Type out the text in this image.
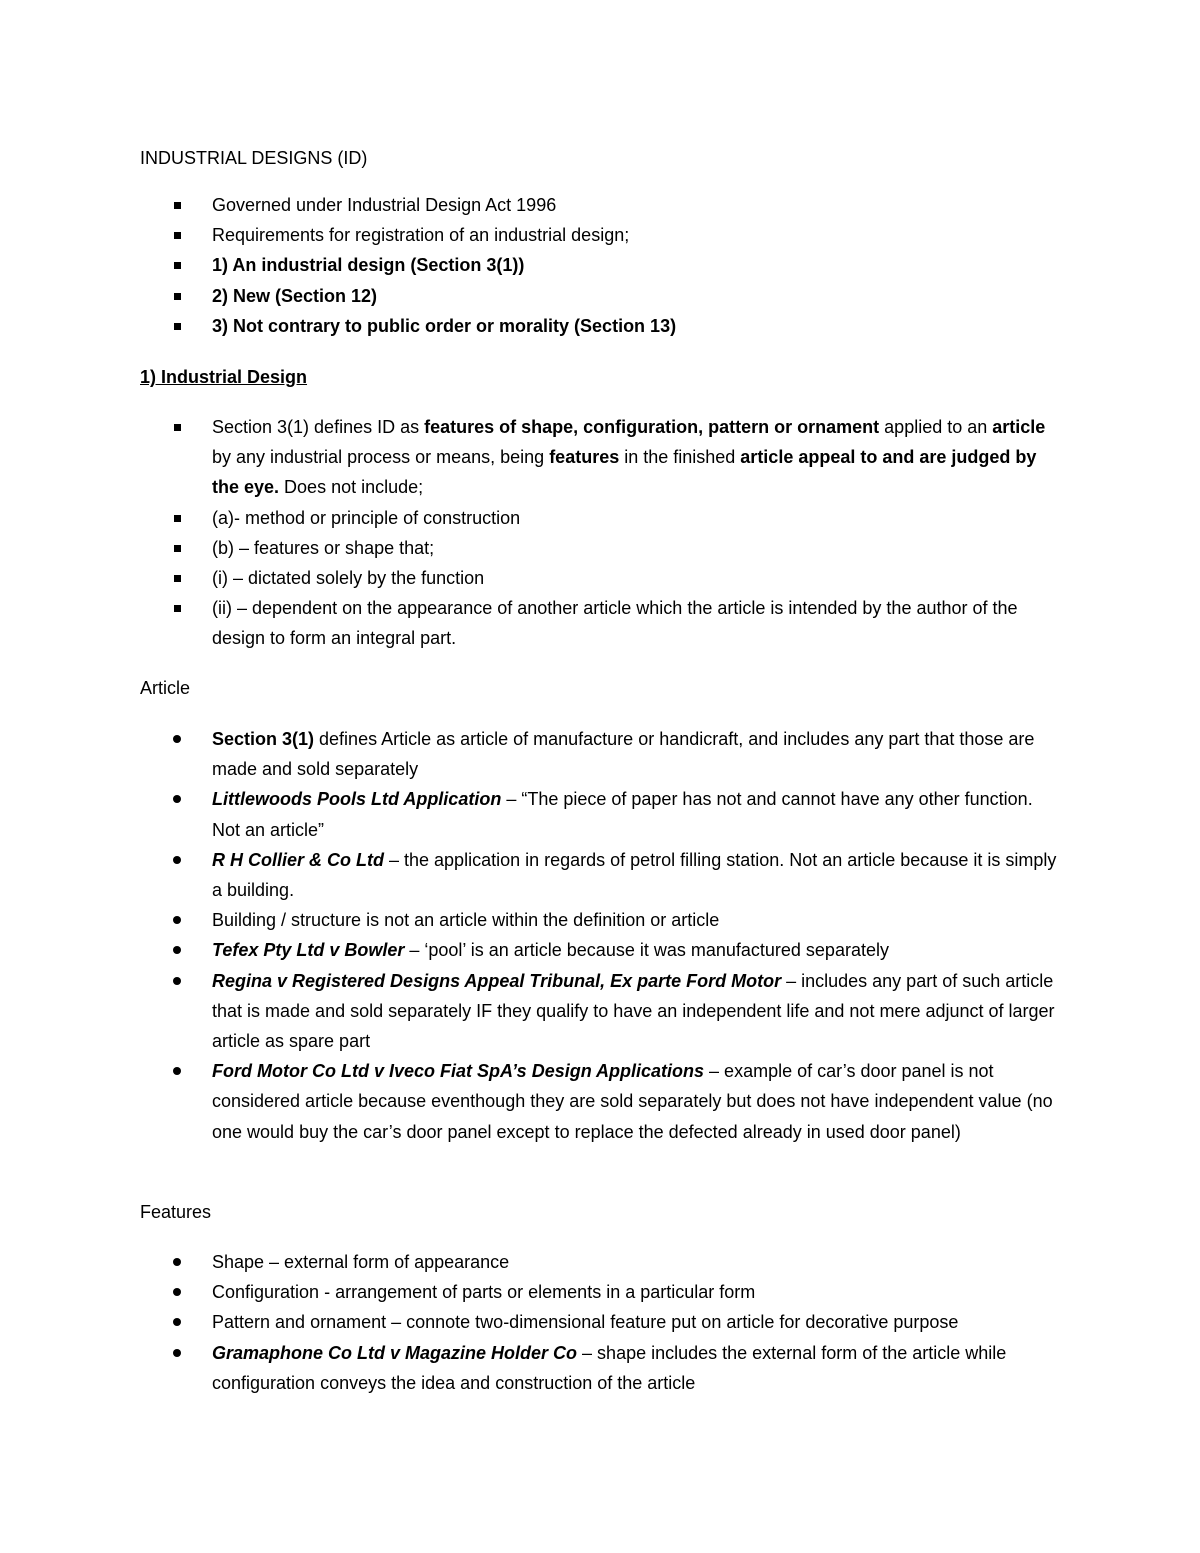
INDUSTRIAL DESIGNS (ID)

Governed under Industrial Design Act 1996
Requirements for registration of an industrial design;
1) An industrial design (Section 3(1))
2) New (Section 12)
3) Not contrary to public order or morality (Section 13)

1) Industrial Design

Section 3(1) defines ID as features of shape, configuration, pattern or ornament applied to an article by any industrial process or means, being features in the finished article appeal to and are judged by the eye. Does not include;
(a)- method or principle of construction
(b) – features or shape that;
(i) – dictated solely by the function
(ii) – dependent on the appearance of another article which the article is intended by the author of the design to form an integral part.

Article

Section 3(1) defines Article as article of manufacture or handicraft, and includes any part that those are made and sold separately
Littlewoods Pools Ltd Application – “The piece of paper has not and cannot have any other function. Not an article”
R H Collier & Co Ltd – the application in regards of petrol filling station. Not an article because it is simply a building.
Building / structure is not an article within the definition or article
Tefex Pty Ltd v Bowler – ‘pool’ is an article because it was manufactured separately
Regina v Registered Designs Appeal Tribunal, Ex parte Ford Motor – includes any part of such article that is made and sold separately IF they qualify to have an independent life and not mere adjunct of larger article as spare part
Ford Motor Co Ltd v Iveco Fiat SpA’s Design Applications – example of car’s door panel is not considered article because eventhough they are sold separately but does not have independent value (no one would buy the car’s door panel except to replace the defected already in used door panel)

Features

Shape – external form of appearance
Configuration - arrangement of parts or elements in a particular form
Pattern and ornament – connote two-dimensional feature put on article for decorative purpose
Gramaphone Co Ltd v Magazine Holder Co – shape includes the external form of the article while configuration conveys the idea and construction of the article
